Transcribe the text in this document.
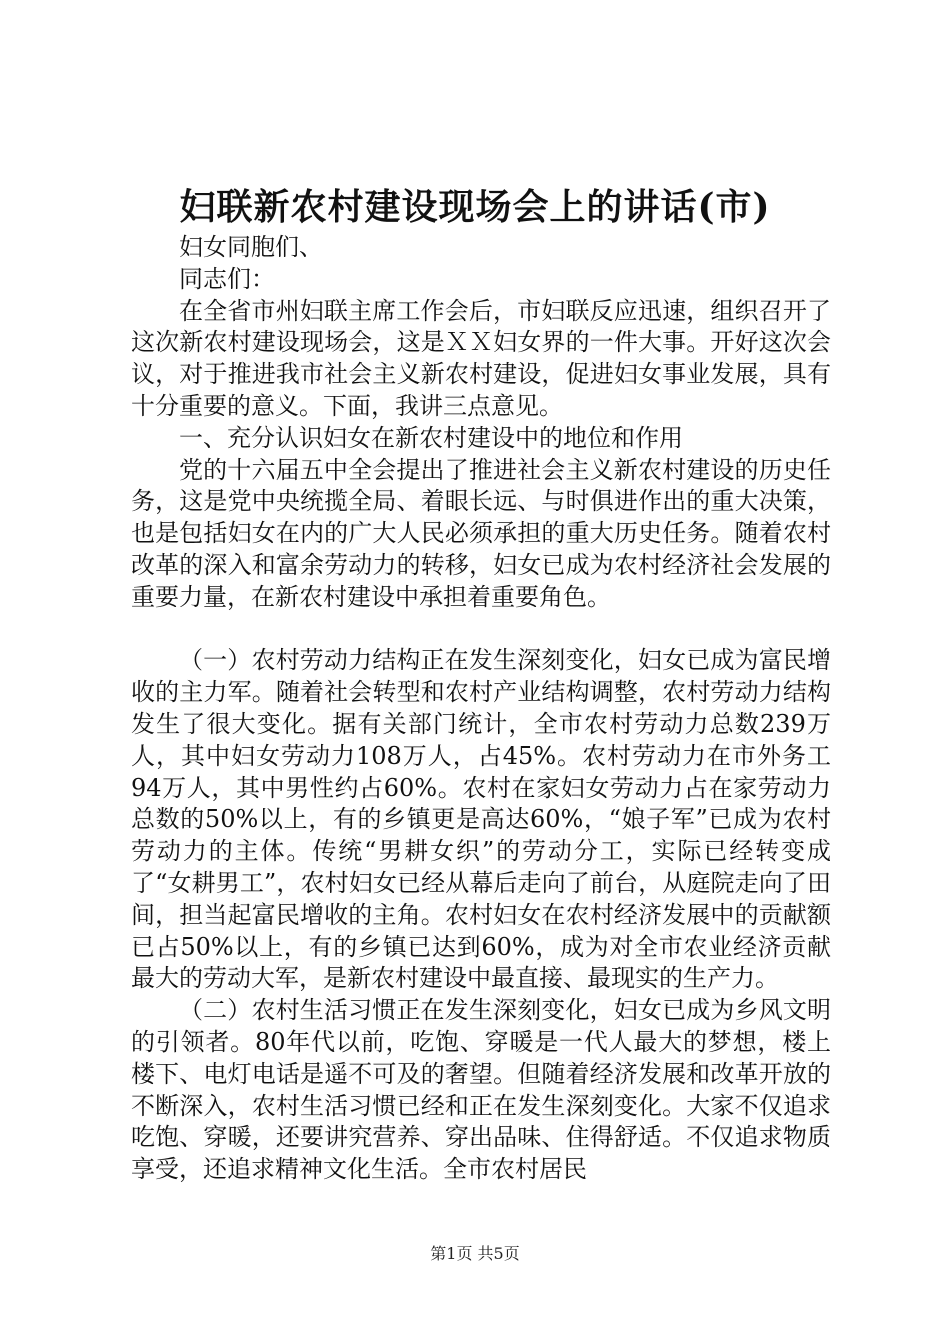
妇联新农村建设现场会上的讲话(市)

妇女同胞们、

同志们：

在全省市州妇联主席工作会后，市妇联反应迅速，组织召开了这次新农村建设现场会，这是ＸＸ妇女界的一件大事。开好这次会议，对于推进我市社会主义新农村建设，促进妇女事业发展，具有十分重要的意义。下面，我讲三点意见。

一、充分认识妇女在新农村建设中的地位和作用

党的十六届五中全会提出了推进社会主义新农村建设的历史任务，这是党中央统揽全局、着眼长远、与时俱进作出的重大决策，也是包括妇女在内的广大人民必须承担的重大历史任务。随着农村改革的深入和富余劳动力的转移，妇女已成为农村经济社会发展的重要力量，在新农村建设中承担着重要角色。

（一）农村劳动力结构正在发生深刻变化，妇女已成为富民增收的主力军。随着社会转型和农村产业结构调整，农村劳动力结构发生了很大变化。据有关部门统计，全市农村劳动力总数239万人，其中妇女劳动力108万人，占45%。农村劳动力在市外务工94万人，其中男性约占60%。农村在家妇女劳动力占在家劳动力总数的50%以上，有的乡镇更是高达60%，“娘子军”已成为农村劳动力的主体。传统“男耕女织”的劳动分工，实际已经转变成了“女耕男工”，农村妇女已经从幕后走向了前台，从庭院走向了田间，担当起富民增收的主角。农村妇女在农村经济发展中的贡献额已占50%以上，有的乡镇已达到60%，成为对全市农业经济贡献最大的劳动大军，是新农村建设中最直接、最现实的生产力。

（二）农村生活习惯正在发生深刻变化，妇女已成为乡风文明的引领者。80年代以前，吃饱、穿暖是一代人最大的梦想，楼上楼下、电灯电话是遥不可及的奢望。但随着经济发展和改革开放的不断深入，农村生活习惯已经和正在发生深刻变化。大家不仅追求吃饱、穿暖，还要讲究营养、穿出品味、住得舒适。不仅追求物质享受，还追求精神文化生活。全市农村居民

第1页 共5页
